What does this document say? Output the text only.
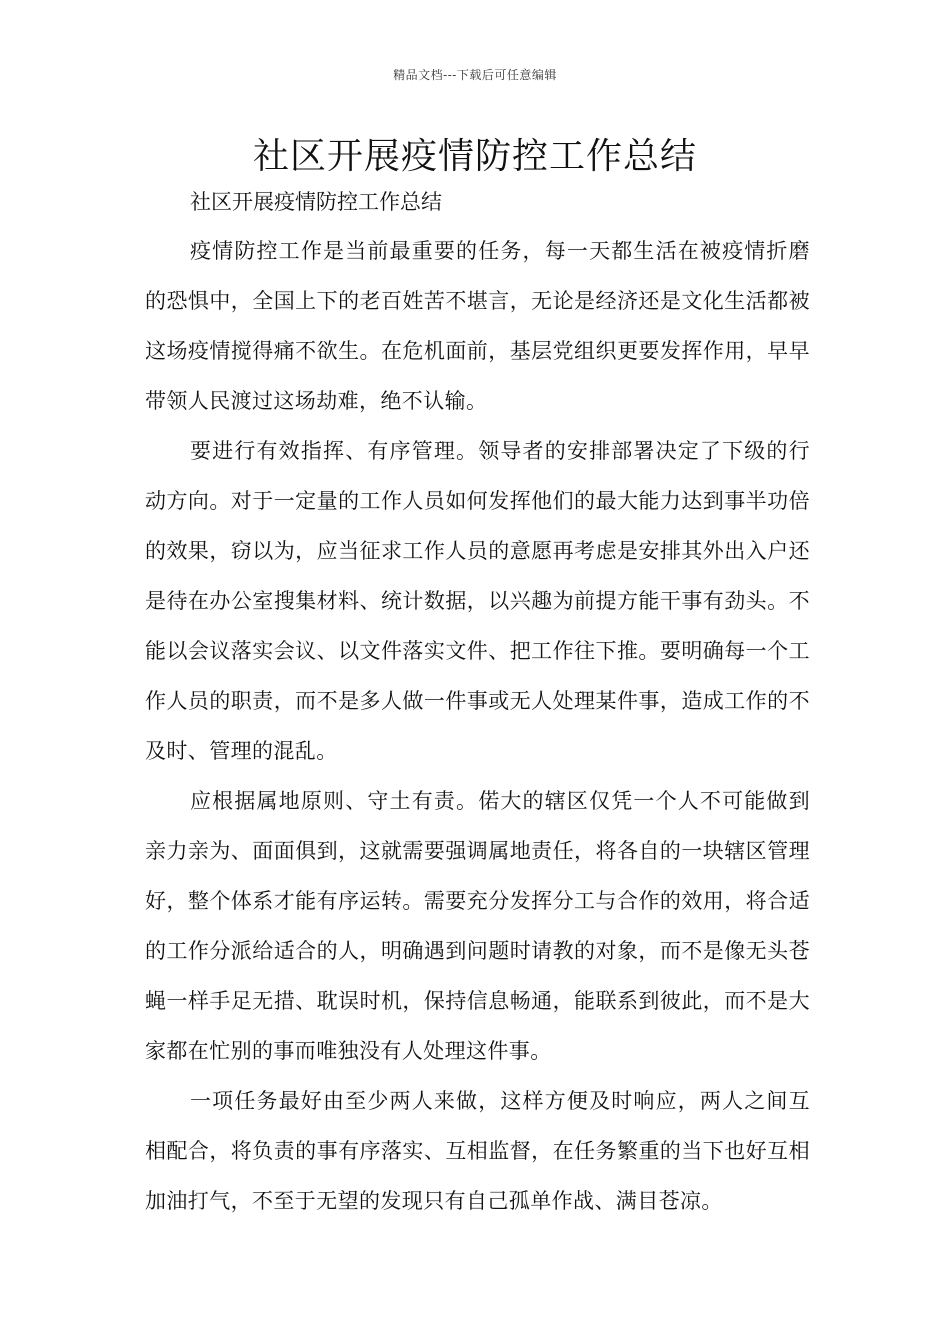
精品文档---下载后可任意编辑
社区开展疫情防控工作总结

社区开展疫情防控工作总结

疫情防控工作是当前最重要的任务，每一天都生活在被疫情折磨的恐惧中，全国上下的老百姓苦不堪言，无论是经济还是文化生活都被这场疫情搅得痛不欲生。在危机面前，基层党组织更要发挥作用，早早带领人民渡过这场劫难，绝不认输。

要进行有效指挥、有序管理。领导者的安排部署决定了下级的行动方向。对于一定量的工作人员如何发挥他们的最大能力达到事半功倍的效果，窃以为，应当征求工作人员的意愿再考虑是安排其外出入户还是待在办公室搜集材料、统计数据，以兴趣为前提方能干事有劲头。不能以会议落实会议、以文件落实文件、把工作往下推。要明确每一个工作人员的职责，而不是多人做一件事或无人处理某件事，造成工作的不及时、管理的混乱。

应根据属地原则、守土有责。偌大的辖区仅凭一个人不可能做到亲力亲为、面面俱到，这就需要强调属地责任，将各自的一块辖区管理好，整个体系才能有序运转。需要充分发挥分工与合作的效用，将合适的工作分派给适合的人，明确遇到问题时请教的对象，而不是像无头苍蝇一样手足无措、耽误时机，保持信息畅通，能联系到彼此，而不是大家都在忙别的事而唯独没有人处理这件事。

一项任务最好由至少两人来做，这样方便及时响应，两人之间互相配合，将负责的事有序落实、互相监督，在任务繁重的当下也好互相加油打气，不至于无望的发现只有自己孤单作战、满目苍凉。
